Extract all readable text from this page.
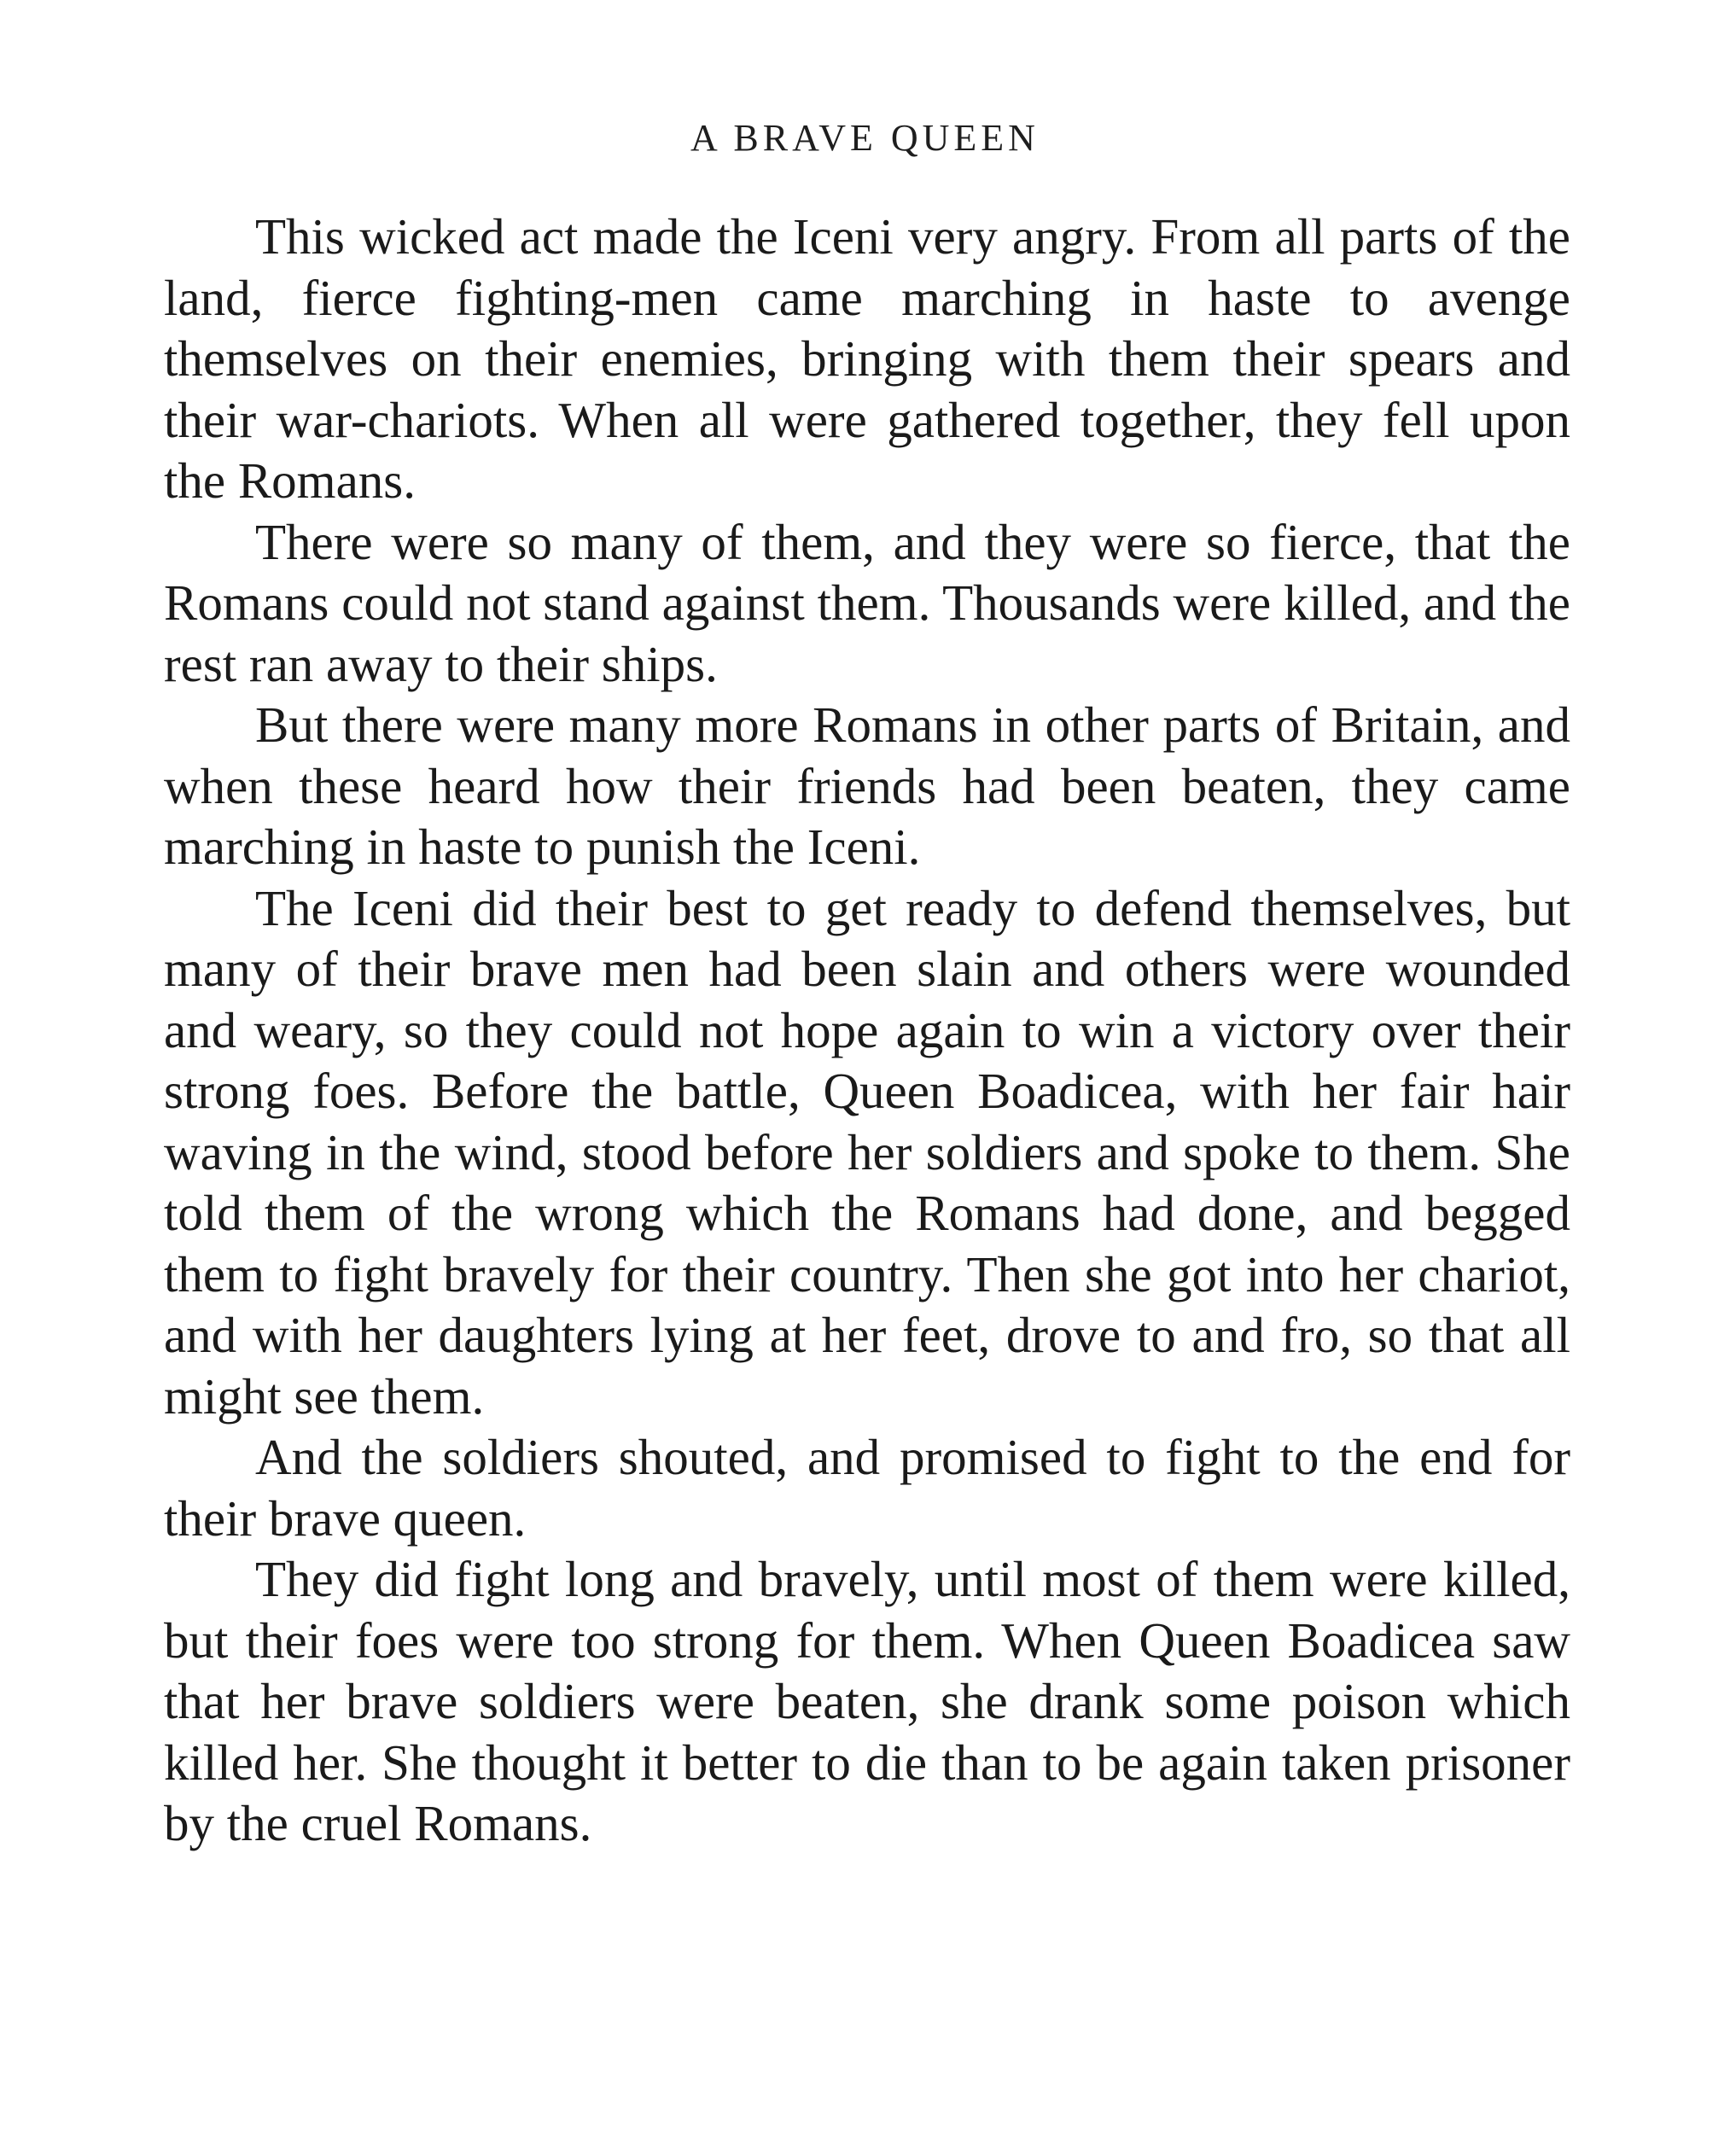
A BRAVE QUEEN

This wicked act made the Iceni very angry. From all parts of the land, fierce fighting-men came marching in haste to avenge themselves on their enemies, bringing with them their spears and their war-chariots. When all were gathered together, they fell upon the Romans.

There were so many of them, and they were so fierce, that the Romans could not stand against them. Thousands were killed, and the rest ran away to their ships.

But there were many more Romans in other parts of Britain, and when these heard how their friends had been beaten, they came marching in haste to punish the Iceni.

The Iceni did their best to get ready to defend themselves, but many of their brave men had been slain and others were wounded and weary, so they could not hope again to win a victory over their strong foes. Before the battle, Queen Boadicea, with her fair hair waving in the wind, stood before her soldiers and spoke to them. She told them of the wrong which the Romans had done, and begged them to fight bravely for their country. Then she got into her chariot, and with her daughters lying at her feet, drove to and fro, so that all might see them.

And the soldiers shouted, and promised to fight to the end for their brave queen.

They did fight long and bravely, until most of them were killed, but their foes were too strong for them. When Queen Boadicea saw that her brave soldiers were beaten, she drank some poison which killed her. She thought it better to die than to be again taken prisoner by the cruel Romans.
